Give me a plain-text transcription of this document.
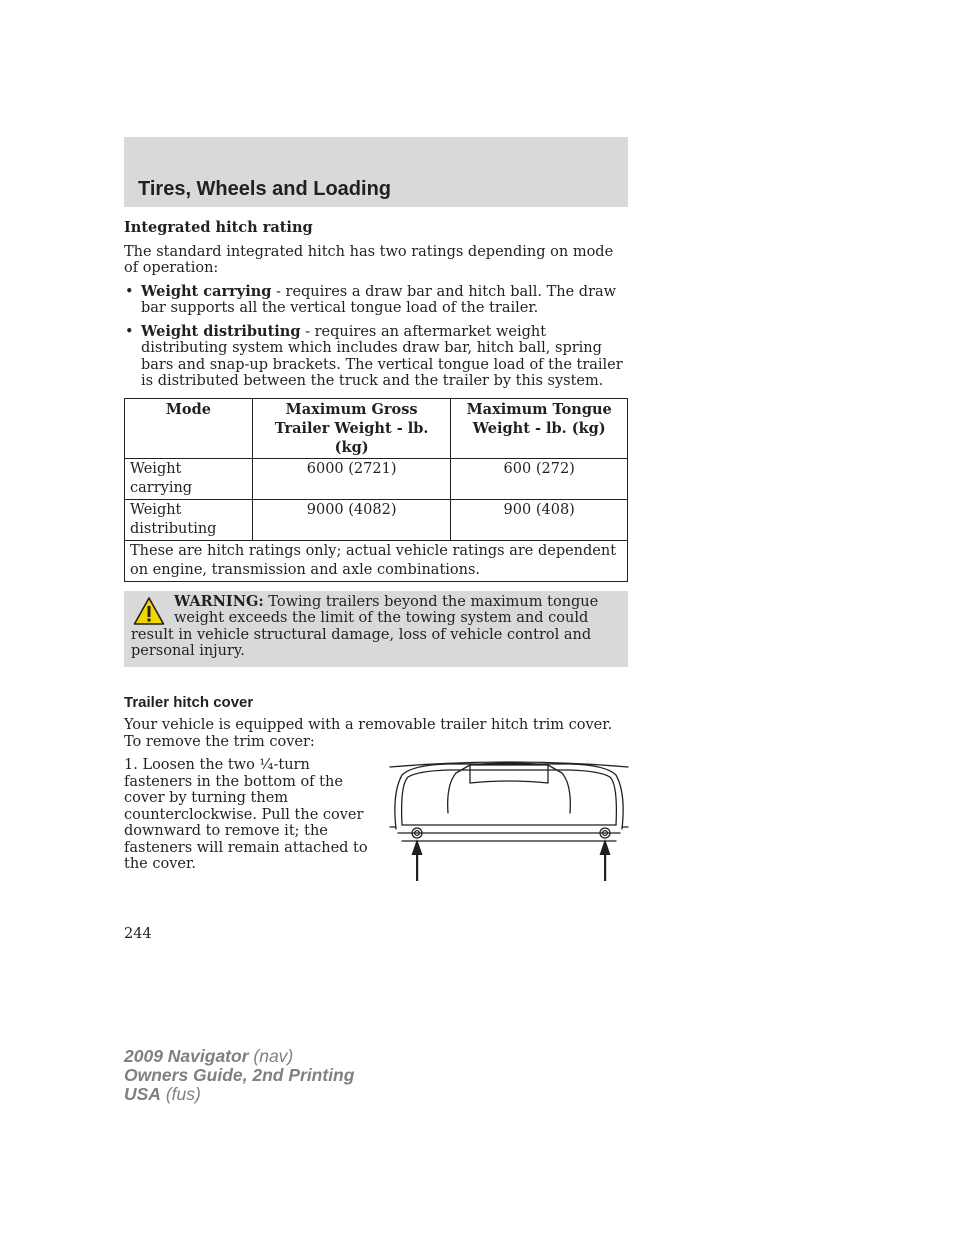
Tires, Wheels and Loading
Integrated hitch rating

The standard integrated hitch has two ratings depending on mode of operation:

• Weight carrying - requires a draw bar and hitch ball. The draw bar supports all the vertical tongue load of the trailer.
• Weight distributing - requires an aftermarket weight distributing system which includes draw bar, hitch ball, spring bars and snap-up brackets. The vertical tongue load of the trailer is distributed between the truck and the trailer by this system.
Mode	Maximum Gross Trailer Weight - lb. (kg)	Maximum Tongue Weight - lb. (kg)
Weight carrying	6000 (2721)	600 (272)
Weight distributing	9000 (4082)	900 (408)
These are hitch ratings only; actual vehicle ratings are dependent on engine, transmission and axle combinations.		
WARNING: Towing trailers beyond the maximum tongue weight exceeds the limit of the towing system and could result in vehicle structural damage, loss of vehicle control and personal injury.
Trailer hitch cover

Your vehicle is equipped with a removable trailer hitch trim cover. To remove the trim cover:

1. Loosen the two ¹⁄₄-turn fasteners in the bottom of the cover by turning them counterclockwise. Pull the cover downward to remove it; the fasteners will remain attached to the cover.
244
2009 Navigator (nav)
Owners Guide, 2nd Printing
USA (fus)
